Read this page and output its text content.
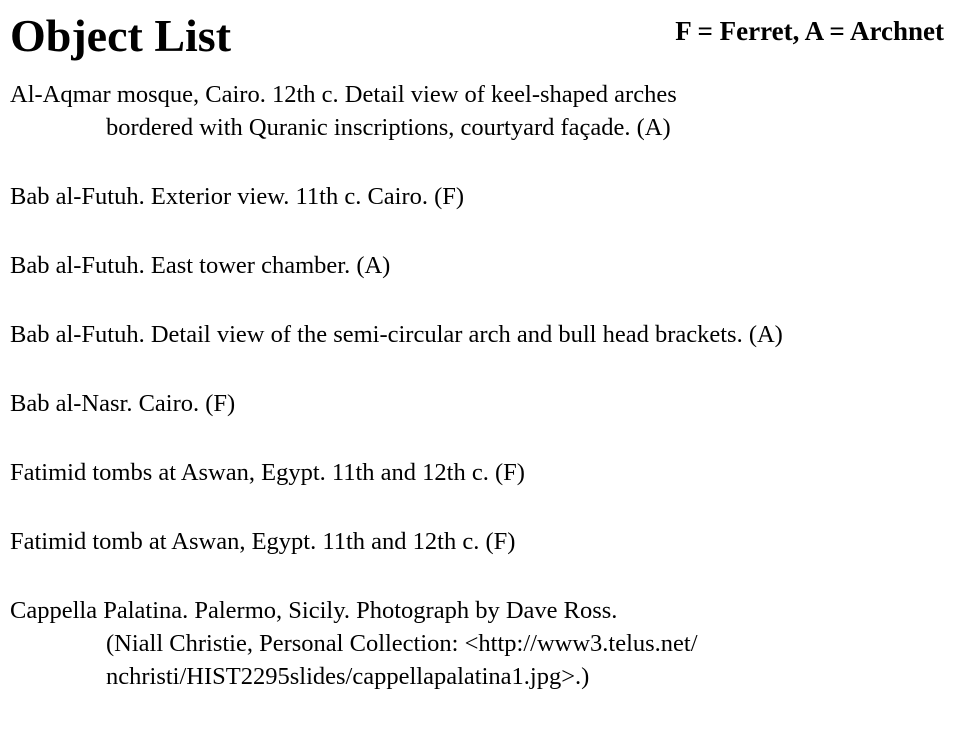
Object List	F = Ferret, A = Archnet
Al-Aqmar mosque, Cairo. 12th c. Detail view of keel-shaped arches
bordered with Quranic inscriptions, courtyard façade. (A)
Bab al-Futuh. Exterior view. 11th c. Cairo. (F)
Bab al-Futuh. East tower chamber. (A)
Bab al-Futuh. Detail view of the semi-circular arch and bull head brackets. (A)
Bab al-Nasr. Cairo. (F)
Fatimid tombs at Aswan, Egypt. 11th and 12th c. (F)
Fatimid tomb at Aswan, Egypt. 11th and 12th c. (F)
Cappella Palatina. Palermo, Sicily. Photograph by Dave Ross.
(Niall Christie, Personal Collection: <http://www3.telus.net/
nchristi/HIST2295slides/cappellapalatina1.jpg>.)
